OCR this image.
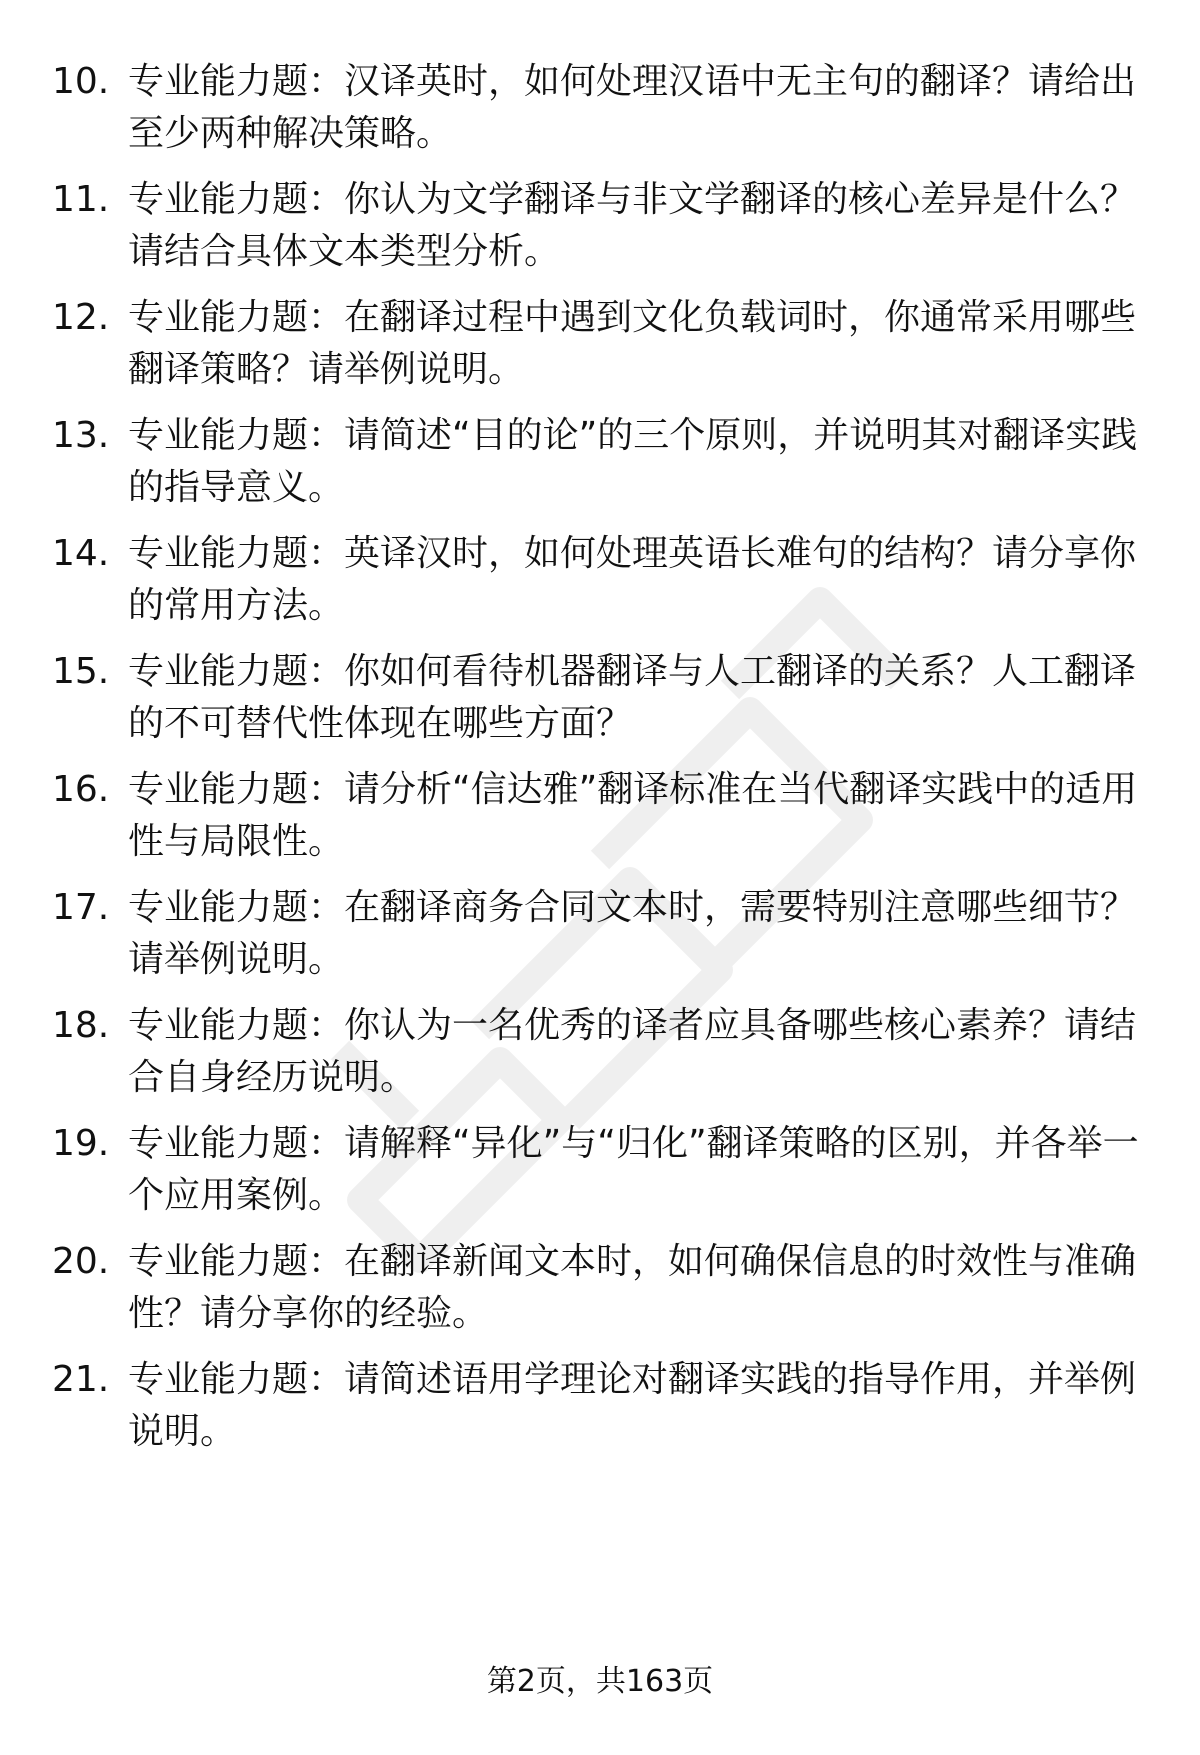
10. 专业能力题：汉译英时，如何处理汉语中无主句的翻译？请给出至少两种解决策略。
11. 专业能力题：你认为文学翻译与非文学翻译的核心差异是什么？请结合具体文本类型分析。
12. 专业能力题：在翻译过程中遇到文化负载词时，你通常采用哪些翻译策略？请举例说明。
13. 专业能力题：请简述“目的论”的三个原则，并说明其对翻译实践的指导意义。
14. 专业能力题：英译汉时，如何处理英语长难句的结构？请分享你的常用方法。
15. 专业能力题：你如何看待机器翻译与人工翻译的关系？人工翻译的不可替代性体现在哪些方面？
16. 专业能力题：请分析“信达雅”翻译标准在当代翻译实践中的适用性与局限性。
17. 专业能力题：在翻译商务合同文本时，需要特别注意哪些细节？请举例说明。
18. 专业能力题：你认为一名优秀的译者应具备哪些核心素养？请结合自身经历说明。
19. 专业能力题：请解释“异化”与“归化”翻译策略的区别，并各举一个应用案例。
20. 专业能力题：在翻译新闻文本时，如何确保信息的时效性与准确性？请分享你的经验。
21. 专业能力题：请简述语用学理论对翻译实践的指导作用，并举例说明。
第2页，共163页
